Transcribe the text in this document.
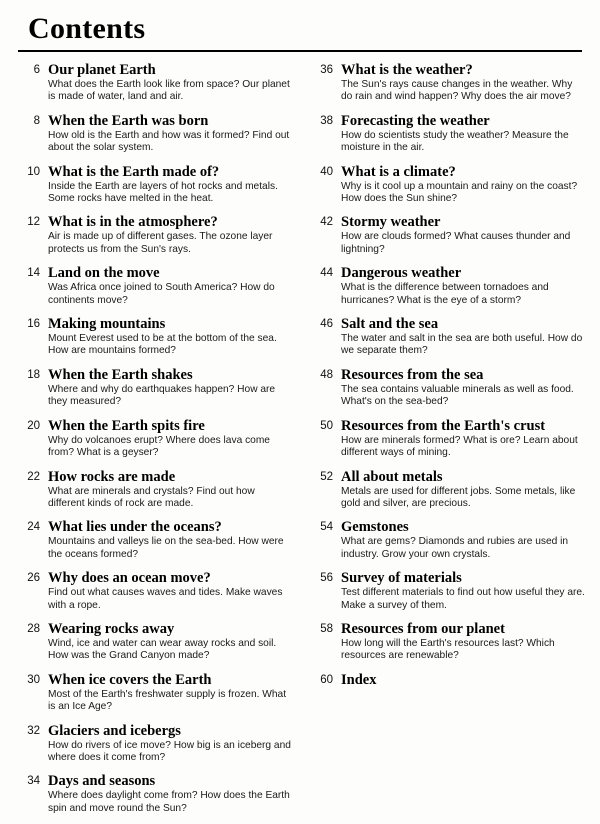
Contents
6 Our planet Earth
What does the Earth look like from space? Our planet is made of water, land and air.
8 When the Earth was born
How old is the Earth and how was it formed? Find out about the solar system.
10 What is the Earth made of?
Inside the Earth are layers of hot rocks and metals. Some rocks have melted in the heat.
12 What is in the atmosphere?
Air is made up of different gases. The ozone layer protects us from the Sun's rays.
14 Land on the move
Was Africa once joined to South America? How do continents move?
16 Making mountains
Mount Everest used to be at the bottom of the sea. How are mountains formed?
18 When the Earth shakes
Where and why do earthquakes happen? How are they measured?
20 When the Earth spits fire
Why do volcanoes erupt? Where does lava come from? What is a geyser?
22 How rocks are made
What are minerals and crystals? Find out how different kinds of rock are made.
24 What lies under the oceans?
Mountains and valleys lie on the sea-bed. How were the oceans formed?
26 Why does an ocean move?
Find out what causes waves and tides. Make waves with a rope.
28 Wearing rocks away
Wind, ice and water can wear away rocks and soil. How was the Grand Canyon made?
30 When ice covers the Earth
Most of the Earth's freshwater supply is frozen. What is an Ice Age?
32 Glaciers and icebergs
How do rivers of ice move? How big is an iceberg and where does it come from?
34 Days and seasons
Where does daylight come from? How does the Earth spin and move round the Sun?
36 What is the weather?
The Sun's rays cause changes in the weather. Why do rain and wind happen? Why does the air move?
38 Forecasting the weather
How do scientists study the weather? Measure the moisture in the air.
40 What is a climate?
Why is it cool up a mountain and rainy on the coast? How does the Sun shine?
42 Stormy weather
How are clouds formed? What causes thunder and lightning?
44 Dangerous weather
What is the difference between tornadoes and hurricanes? What is the eye of a storm?
46 Salt and the sea
The water and salt in the sea are both useful. How do we separate them?
48 Resources from the sea
The sea contains valuable minerals as well as food. What's on the sea-bed?
50 Resources from the Earth's crust
How are minerals formed? What is ore? Learn about different ways of mining.
52 All about metals
Metals are used for different jobs. Some metals, like gold and silver, are precious.
54 Gemstones
What are gems? Diamonds and rubies are used in industry. Grow your own crystals.
56 Survey of materials
Test different materials to find out how useful they are. Make a survey of them.
58 Resources from our planet
How long will the Earth's resources last? Which resources are renewable?
60 Index
